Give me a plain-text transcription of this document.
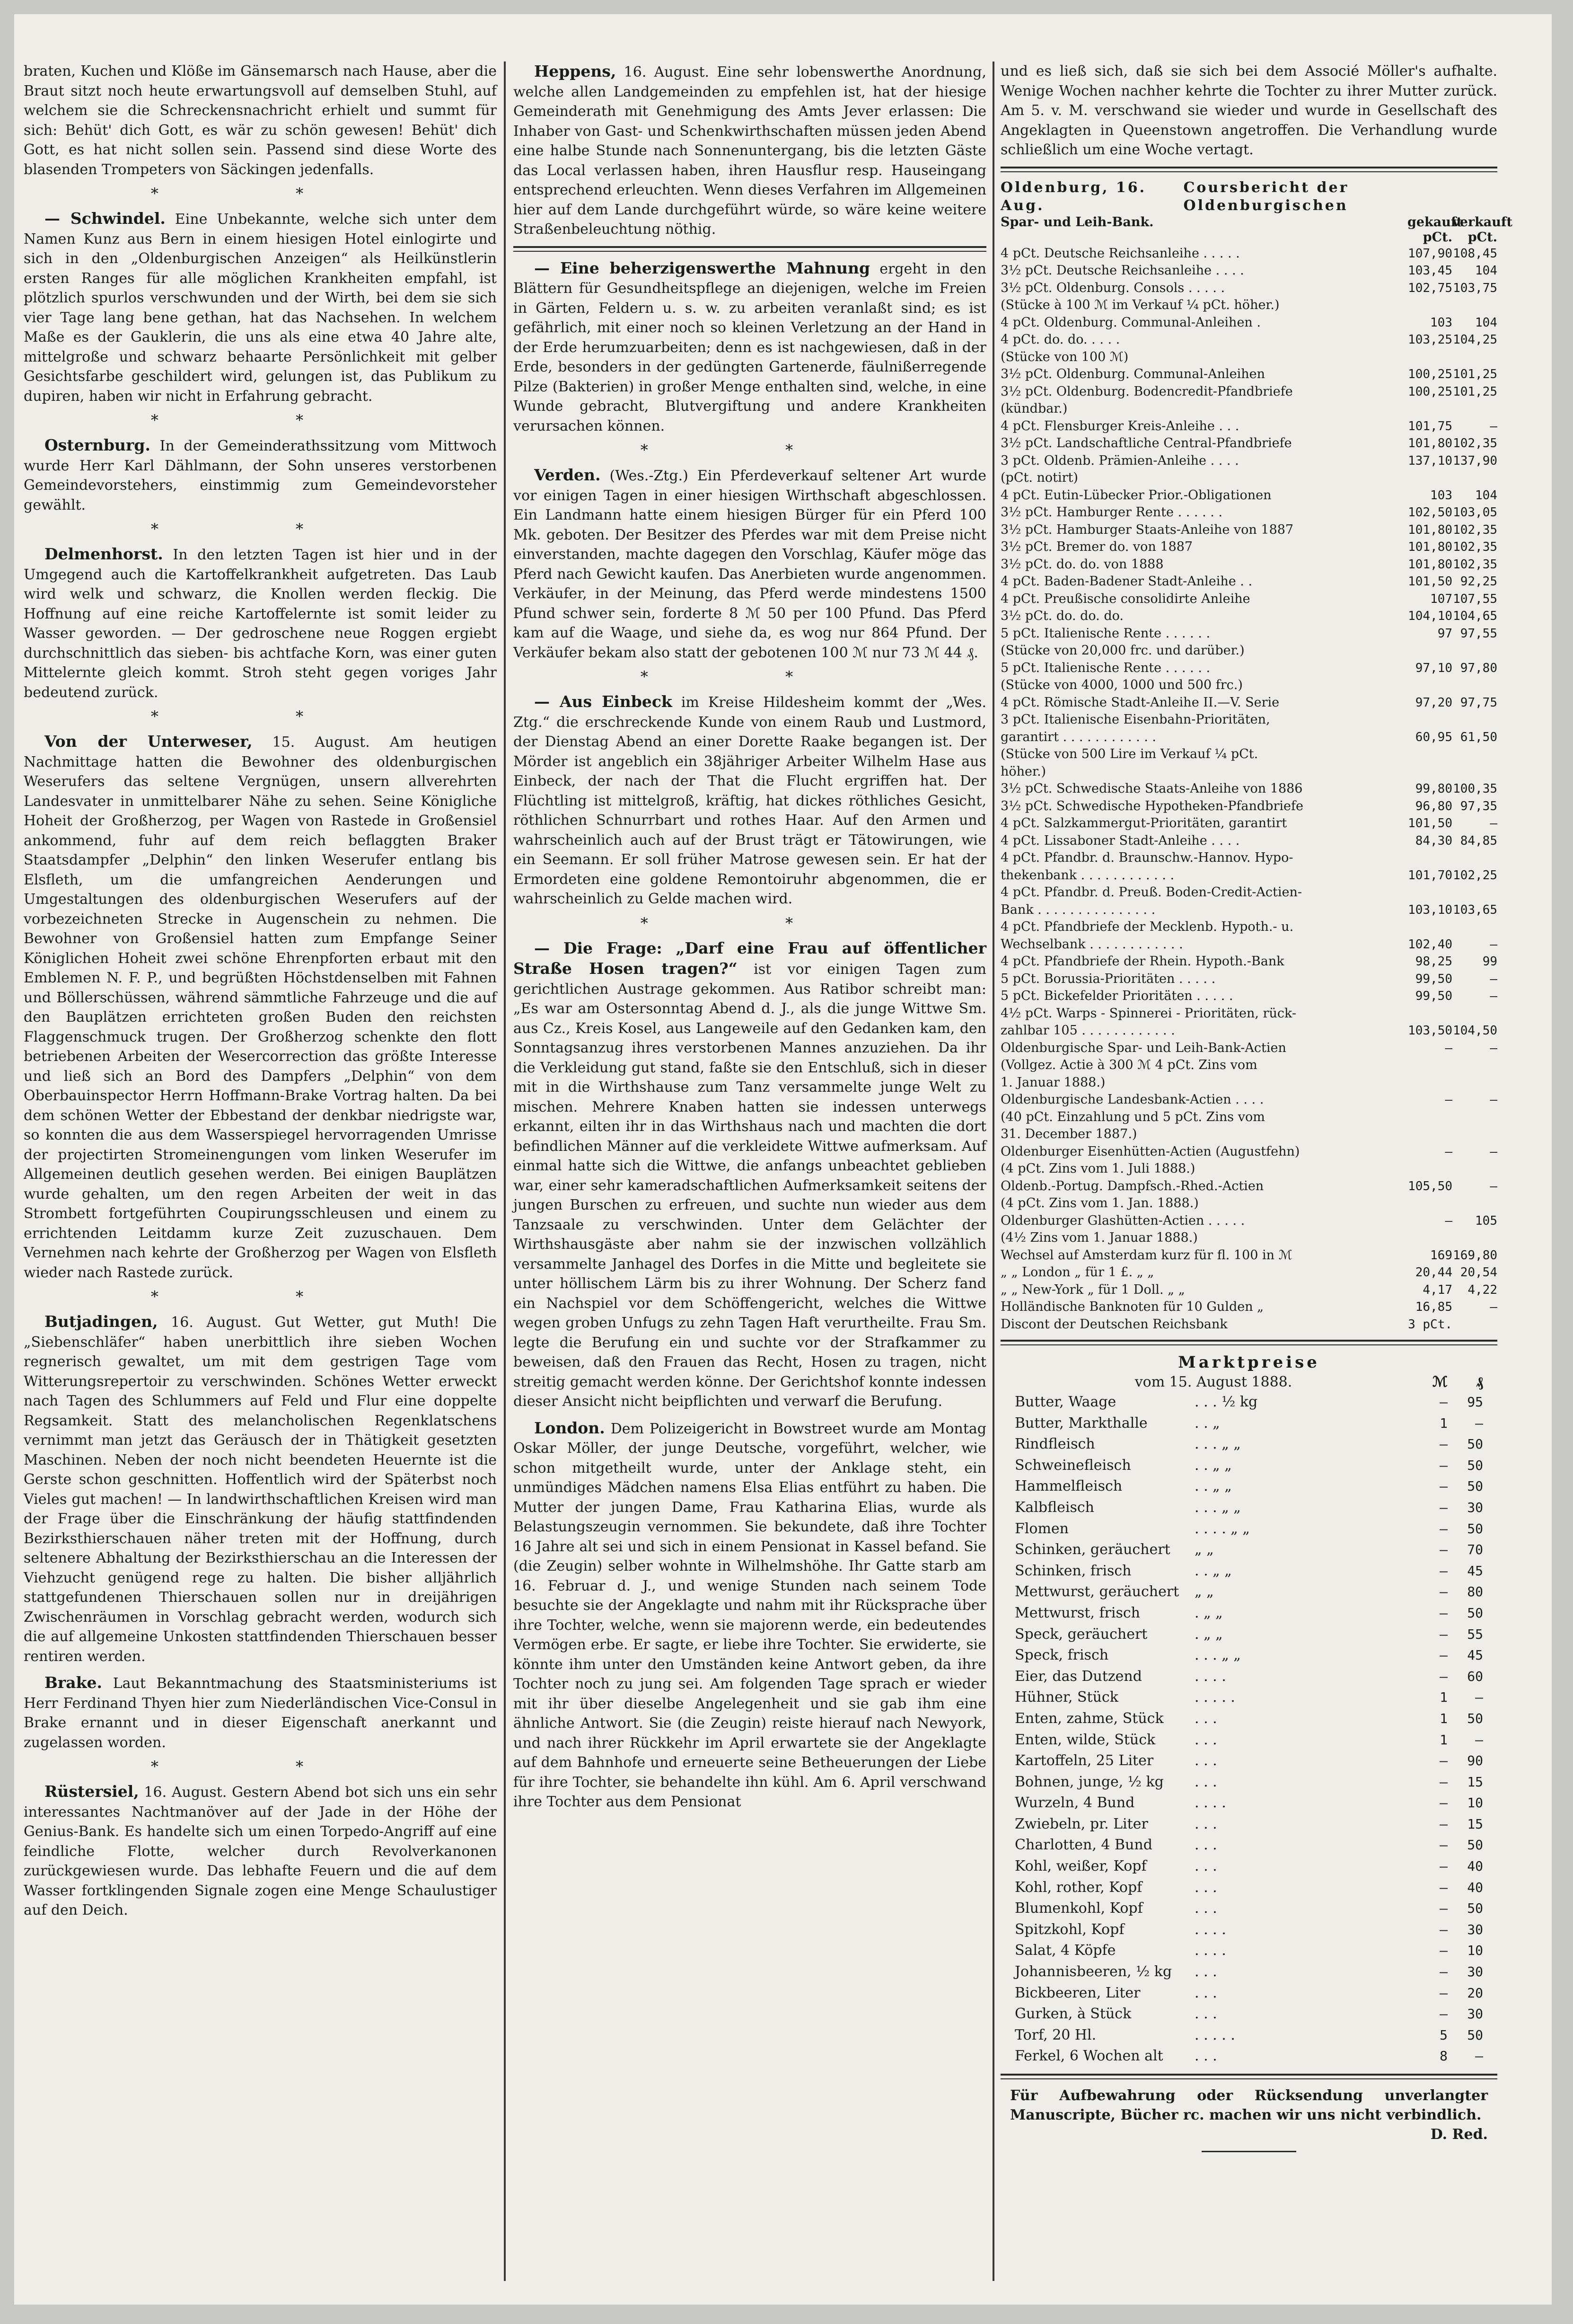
braten, Kuchen und Klöße im Gänsemarsch nach Hause, aber die Braut sitzt noch heute erwartungsvoll auf demselben Stuhl, auf welchem sie die Schreckensnachricht erhielt und summt für sich: Behüt' dich Gott, es wär zu schön gewesen! Behüt' dich Gott, es hat nicht sollen sein. Passend sind diese Worte des blasenden Trompeters von Säckingen jedenfalls.
* *

— Schwindel. Eine Unbekannte, welche sich unter dem Namen Kunz aus Bern in einem hiesigen Hotel einlogirte und sich in den „Oldenburgischen Anzeigen“ als Heilkünstlerin ersten Ranges für alle möglichen Krankheiten empfahl, ist plötzlich spurlos verschwunden und der Wirth, bei dem sie sich vier Tage lang bene gethan, hat das Nachsehen. In welchem Maße es der Gauklerin, die uns als eine etwa 40 Jahre alte, mittelgroße und schwarz behaarte Persönlichkeit mit gelber Gesichtsfarbe geschildert wird, gelungen ist, das Publikum zu dupiren, haben wir nicht in Erfahrung gebracht.

* *

Osternburg. In der Gemeinderathssitzung vom Mittwoch wurde Herr Karl Dählmann, der Sohn unseres verstorbenen Gemeindevorstehers, einstimmig zum Gemeindevorsteher gewählt.

* *

Delmenhorst. In den letzten Tagen ist hier und in der Umgegend auch die Kartoffelkrankheit aufgetreten. Das Laub wird welk und schwarz, die Knollen werden fleckig. Die Hoffnung auf eine reiche Kartoffelernte ist somit leider zu Wasser geworden. — Der gedroschene neue Roggen ergiebt durchschnittlich das sieben- bis achtfache Korn, was einer guten Mittelernte gleich kommt. Stroh steht gegen voriges Jahr bedeutend zurück.

* *

Von der Unterweser, 15. August. Am heutigen Nachmittage hatten die Bewohner des oldenburgischen Weserufers das seltene Vergnügen, unsern allverehrten Landesvater in unmittelbarer Nähe zu sehen. Seine Königliche Hoheit der Großherzog, per Wagen von Rastede in Großensiel ankommend, fuhr auf dem reich beflaggten Braker Staatsdampfer „Delphin“ den linken Weserufer entlang bis Elsfleth, um die umfangreichen Aenderungen und Umgestaltungen des oldenburgischen Weserufers auf der vorbezeichneten Strecke in Augenschein zu nehmen. Die Bewohner von Großensiel hatten zum Empfange Seiner Königlichen Hoheit zwei schöne Ehrenpforten erbaut mit den Emblemen N. F. P., und begrüßten Höchstdenselben mit Fahnen und Böllerschüssen, während sämmtliche Fahrzeuge und die auf den Bauplätzen errichteten großen Buden den reichsten Flaggenschmuck trugen. Der Großherzog schenkte den flott betriebenen Arbeiten der Wesercorrection das größte Interesse und ließ sich an Bord des Dampfers „Delphin“ von dem Oberbauinspector Herrn Hoffmann-Brake Vortrag halten. Da bei dem schönen Wetter der Ebbestand der denkbar niedrigste war, so konnten die aus dem Wasserspiegel hervorragenden Umrisse der projectirten Stromeinengungen vom linken Weserufer im Allgemeinen deutlich gesehen werden. Bei einigen Bauplätzen wurde gehalten, um den regen Arbeiten der weit in das Strombett fortgeführten Coupirungsschleusen und einem zu errichtenden Leitdamm kurze Zeit zuzuschauen. Dem Vernehmen nach kehrte der Großherzog per Wagen von Elsfleth wieder nach Rastede zurück.

* *

Butjadingen, 16. August. Gut Wetter, gut Muth! Die „Siebenschläfer“ haben unerbittlich ihre sieben Wochen regnerisch gewaltet, um mit dem gestrigen Tage vom Witterungsrepertoir zu verschwinden. Schönes Wetter erweckt nach Tagen des Schlummers auf Feld und Flur eine doppelte Regsamkeit. Statt des melancholischen Regenklatschens vernimmt man jetzt das Geräusch der in Thätigkeit gesetzten Maschinen. Neben der noch nicht beendeten Heuernte ist die Gerste schon geschnitten. Hoffentlich wird der Späterbst noch Vieles gut machen! — In landwirthschaftlichen Kreisen wird man der Frage über die Einschränkung der häufig stattfindenden Bezirksthierschauen näher treten mit der Hoffnung, durch seltenere Abhaltung der Bezirksthierschau an die Interessen der Viehzucht genügend rege zu halten. Die bisher alljährlich stattgefundenen Thierschauen sollen nur in dreijährigen Zwischenräumen in Vorschlag gebracht werden, wodurch sich die auf allgemeine Unkosten stattfindenden Thierschauen besser rentiren werden.

Brake. Laut Bekanntmachung des Staatsministeriums ist Herr Ferdinand Thyen hier zum Niederländischen Vice-Consul in Brake ernannt und in dieser Eigenschaft anerkannt und zugelassen worden.

* *

Rüstersiel, 16. August. Gestern Abend bot sich uns ein sehr interessantes Nachtmanöver auf der Jade in der Höhe der Genius-Bank. Es handelte sich um einen Torpedo-Angriff auf eine feindliche Flotte, welcher durch Revolverkanonen zurückgewiesen wurde. Das lebhafte Feuern und die auf dem Wasser fortklingenden Signale zogen eine Menge Schaulustiger auf den Deich.

Heppens, 16. August. Eine sehr lobenswerthe Anordnung, welche allen Landgemeinden zu empfehlen ist, hat der hiesige Gemeinderath mit Genehmigung des Amts Jever erlassen: Die Inhaber von Gast- und Schenkwirthschaften müssen jeden Abend eine halbe Stunde nach Sonnenuntergang, bis die letzten Gäste das Local verlassen haben, ihren Hausflur resp. Hauseingang entsprechend erleuchten. Wenn dieses Verfahren im Allgemeinen hier auf dem Lande durchgeführt würde, so wäre keine weitere Straßenbeleuchtung nöthig.

— Eine beherzigenswerthe Mahnung ergeht in den Blättern für Gesundheitspflege an diejenigen, welche im Freien in Gärten, Feldern u. s. w. zu arbeiten veranlaßt sind; es ist gefährlich, mit einer noch so kleinen Verletzung an der Hand in der Erde herumzuarbeiten; denn es ist nachgewiesen, daß in der Erde, besonders in der gedüngten Gartenerde, fäulnißerregende Pilze (Bakterien) in großer Menge enthalten sind, welche, in eine Wunde gebracht, Blutvergiftung und andere Krankheiten verursachen können.

* *

Verden. (Wes.-Ztg.) Ein Pferdeverkauf seltener Art wurde vor einigen Tagen in einer hiesigen Wirthschaft abgeschlossen. Ein Landmann hatte einem hiesigen Bürger für ein Pferd 100 Mk. geboten. Der Besitzer des Pferdes war mit dem Preise nicht einverstanden, machte dagegen den Vorschlag, Käufer möge das Pferd nach Gewicht kaufen. Das Anerbieten wurde angenommen. Verkäufer, in der Meinung, das Pferd werde mindestens 1500 Pfund schwer sein, forderte 8 ℳ 50 per 100 Pfund. Das Pferd kam auf die Waage, und siehe da, es wog nur 864 Pfund. Der Verkäufer bekam also statt der gebotenen 100 ℳ nur 73 ℳ 44 ₰.

* *

— Aus Einbeck im Kreise Hildesheim kommt der „Wes. Ztg.“ die erschreckende Kunde von einem Raub und Lustmord, der Dienstag Abend an einer Dorette Raake begangen ist. Der Mörder ist angeblich ein 38jähriger Arbeiter Wilhelm Hase aus Einbeck, der nach der That die Flucht ergriffen hat. Der Flüchtling ist mittelgroß, kräftig, hat dickes röthliches Gesicht, röthlichen Schnurrbart und rothes Haar. Auf den Armen und wahrscheinlich auch auf der Brust trägt er Tätowirungen, wie ein Seemann. Er soll früher Matrose gewesen sein. Er hat der Ermordeten eine goldene Remontoiruhr abgenommen, die er wahrscheinlich zu Gelde machen wird.

* *

— Die Frage: „Darf eine Frau auf öffentlicher Straße Hosen tragen?“ ist vor einigen Tagen zum gerichtlichen Austrage gekommen. Aus Ratibor schreibt man: „Es war am Ostersonntag Abend d. J., als die junge Wittwe Sm. aus Cz., Kreis Kosel, aus Langeweile auf den Gedanken kam, den Sonntagsanzug ihres verstorbenen Mannes anzuziehen. Da ihr die Verkleidung gut stand, faßte sie den Entschluß, sich in dieser mit in die Wirthshause zum Tanz versammelte junge Welt zu mischen. Mehrere Knaben hatten sie indessen unterwegs erkannt, eilten ihr in das Wirthshaus nach und machten die dort befindlichen Männer auf die verkleidete Wittwe aufmerksam. Auf einmal hatte sich die Wittwe, die anfangs unbeachtet geblieben war, einer sehr kameradschaftlichen Aufmerksamkeit seitens der jungen Burschen zu erfreuen, und suchte nun wieder aus dem Tanzsaale zu verschwinden. Unter dem Gelächter der Wirthshausgäste aber nahm sie der inzwischen vollzählich versammelte Janhagel des Dorfes in die Mitte und begleitete sie unter höllischem Lärm bis zu ihrer Wohnung. Der Scherz fand ein Nachspiel vor dem Schöffengericht, welches die Wittwe wegen groben Unfugs zu zehn Tagen Haft verurtheilte. Frau Sm. legte die Berufung ein und suchte vor der Strafkammer zu beweisen, daß den Frauen das Recht, Hosen zu tragen, nicht streitig gemacht werden könne. Der Gerichtshof konnte indessen dieser Ansicht nicht beipflichten und verwarf die Berufung.

London. Dem Polizeigericht in Bowstreet wurde am Montag Oskar Möller, der junge Deutsche, vorgeführt, welcher, wie schon mitgetheilt wurde, unter der Anklage steht, ein unmündiges Mädchen namens Elsa Elias entführt zu haben. Die Mutter der jungen Dame, Frau Katharina Elias, wurde als Belastungszeugin vernommen. Sie bekundete, daß ihre Tochter 16 Jahre alt sei und sich in einem Pensionat in Kassel befand. Sie (die Zeugin) selber wohnte in Wilhelmshöhe. Ihr Gatte starb am 16. Februar d. J., und wenige Stunden nach seinem Tode besuchte sie der Angeklagte und nahm mit ihr Rücksprache über ihre Tochter, welche, wenn sie majorenn werde, ein bedeutendes Vermögen erbe. Er sagte, er liebe ihre Tochter. Sie erwiderte, sie könnte ihm unter den Umständen keine Antwort geben, da ihre Tochter noch zu jung sei. Am folgenden Tage sprach er wieder mit ihr über dieselbe Angelegenheit und sie gab ihm eine ähnliche Antwort. Sie (die Zeugin) reiste hierauf nach Newyork, und nach ihrer Rückkehr im April erwartete sie der Angeklagte auf dem Bahnhofe und erneuerte seine Betheuerungen der Liebe für ihre Tochter, sie behandelte ihn kühl. Am 6. April verschwand ihre Tochter aus dem Pensionat

und es ließ sich, daß sie sich bei dem Associé Möller's aufhalte. Wenige Wochen nachher kehrte die Tochter zu ihrer Mutter zurück. Am 5. v. M. verschwand sie wieder und wurde in Gesellschaft des Angeklagten in Queenstown angetroffen. Die Verhandlung wurde schließlich um eine Woche vertagt.
Oldenburg, 16. Aug.
Coursbericht der Oldenburgischen
Spar- und Leih-Bank.	gekauft
verkauft
pCt.	pCt.
4 pCt. Deutsche Reichsanleihe . . . . .	107,90 108,45
3½ pCt. Deutsche Reichsanleihe . . . .	103,45	104
3½ pCt. Oldenburg. Consols . . . . .	102,75 103,75
(Stücke à 100 ℳ im Verkauf ¼ pCt. höher.)
4 pCt. Oldenburg. Communal-Anleihen .	103	104
4 pCt. do. do. . . . .	103,25 104,25
(Stücke von 100 ℳ)
3½ pCt. Oldenburg. Communal-Anleihen	100,25 101,25
3½ pCt. Oldenburg. Bodencredit-Pfandbriefe	100,25 101,25
(kündbar.)
4 pCt. Flensburger Kreis-Anleihe . . .	101,75	—
3½ pCt. Landschaftliche Central-Pfandbriefe	101,80 102,35
3 pCt. Oldenb. Prämien-Anleihe . . . .	137,10 137,90
(pCt. notirt)
4 pCt. Eutin-Lübecker Prior.-Obligationen	103	104
3½ pCt. Hamburger Rente . . . . . .	102,50 103,05
3½ pCt. Hamburger Staats-Anleihe von 1887	101,80 102,35
3½ pCt. Bremer do. von 1887	101,80 102,35
3½ pCt. do. do. von 1888	101,80 102,35
4 pCt. Baden-Badener Stadt-Anleihe . .	101,50 92,25
4 pCt. Preußische consolidirte Anleihe	107 107,55
3½ pCt. do. do. do.	104,10 104,65
5 pCt. Italienische Rente . . . . . .	97 97,55
(Stücke von 20,000 frc. und darüber.)
5 pCt. Italienische Rente . . . . . .	97,10 97,80
(Stücke von 4000, 1000 und 500 frc.)
4 pCt. Römische Stadt-Anleihe II.—V. Serie	97,20 97,75
3 pCt. Italienische Eisenbahn-Prioritäten,
garantirt . . . . . . . . . . . .	60,95 61,50
(Stücke von 500 Lire im Verkauf ¼ pCt.
höher.)
3½ pCt. Schwedische Staats-Anleihe von 1886	99,80 100,35
3½ pCt. Schwedische Hypotheken-Pfandbriefe	96,80 97,35
4 pCt. Salzkammergut-Prioritäten, garantirt	101,50	—
4 pCt. Lissaboner Stadt-Anleihe . . . .	84,30 84,85
4 pCt. Pfandbr. d. Braunschw.-Hannov. Hypo-
thekenbank . . . . . . . . . . . .	101,70 102,25
4 pCt. Pfandbr. d. Preuß. Boden-Credit-Actien-
Bank . . . . . . . . . . . . . . .	103,10 103,65
4 pCt. Pfandbriefe der Mecklenb. Hypoth.- u.
Wechselbank . . . . . . . . . . . .	102,40	—
4 pCt. Pfandbriefe der Rhein. Hypoth.-Bank	98,25	99
5 pCt. Borussia-Prioritäten . . . . .	99,50	—
5 pCt. Bickefelder Prioritäten . . . . .	99,50	—
4½ pCt. Warps - Spinnerei - Prioritäten, rück-
zahlbar 105 . . . . . . . . . . . .	103,50 104,50
Oldenburgische Spar- und Leih-Bank-Actien	—	—
(Vollgez. Actie à 300 ℳ 4 pCt. Zins vom
1. Januar 1888.)
Oldenburgische Landesbank-Actien . . . .	—	—
(40 pCt. Einzahlung und 5 pCt. Zins vom
31. December 1887.)
Oldenburger Eisenhütten-Actien (Augustfehn)	—	—
(4 pCt. Zins vom 1. Juli 1888.)
Oldenb.-Portug. Dampfsch.-Rhed.-Actien	105,50	—
(4 pCt. Zins vom 1. Jan. 1888.)
Oldenburger Glashütten-Actien . . . . .	—	105
(4½ Zins vom 1. Januar 1888.)
Wechsel auf Amsterdam kurz für fl. 100 in ℳ	169 169,80
„ „ London „ für 1 £. „ „	20,44 20,54
„ „ New-York „ für 1 Doll. „ „	4,17	4,22
Holländische Banknoten für 10 Gulden „	16,85	—
Discont der Deutschen Reichsbank	3 pCt.
Marktpreise
vom 15. August 1888.	ℳ	₰
Butter, Waage	. . . ½ kg	—	95
Butter, Markthalle	. . „	1	—
Rindfleisch	. . . „ „	—	50
Schweinefleisch	. . „ „	—	50
Hammelfleisch	. . „ „	—	50
Kalbfleisch	. . . „ „	—	30
Flomen	. . . . „ „	—	50
Schinken, geräuchert	„ „	—	70
Schinken, frisch	. . „ „	—	45
Mettwurst, geräuchert	„ „	—	80
Mettwurst, frisch	. „ „	—	50
Speck, geräuchert	. „ „	—	55
Speck, frisch	. . . „ „	—	45
Eier, das Dutzend	. . . .	—	60
Hühner, Stück	. . . . .	1	—
Enten, zahme, Stück	. . .	1	50
Enten, wilde, Stück	. . .	1	—
Kartoffeln, 25 Liter	. . .	—	90
Bohnen, junge, ½ kg	. . .	—	15
Wurzeln, 4 Bund	. . . .	—	10
Zwiebeln, pr. Liter	. . .	—	15
Charlotten, 4 Bund	. . .	—	50
Kohl, weißer, Kopf	. . .	—	40
Kohl, rother, Kopf	. . .	—	40
Blumenkohl, Kopf	. . .	—	50
Spitzkohl, Kopf	. . . .	—	30
Salat, 4 Köpfe	. . . .	—	10
Johannisbeeren, ½ kg	. . .	—	30
Bickbeeren, Liter	. . .	—	20
Gurken, à Stück	. . .	—	30
Torf, 20 Hl.	. . . . .	5	50
Ferkel, 6 Wochen alt	. . .	8	—
Für Aufbewahrung oder Rücksendung unverlangter Manuscripte, Bücher rc. machen wir uns nicht verbindlich.
D. Red.
